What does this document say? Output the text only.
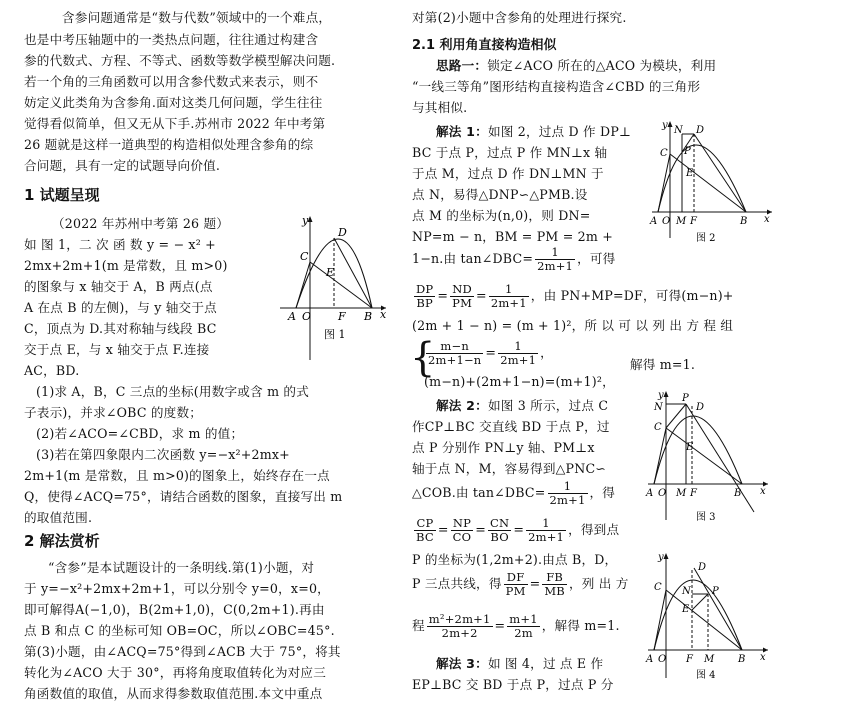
含参问题通常是“数与代数”领域中的一个难点，
也是中考压轴题中的一类热点问题，往往通过构建含
参的代数式、方程、不等式、函数等数学模型解决问题.
若一个角的三角函数可以用含参代数式来表示，则不
妨定义此类角为含参角.面对这类几何问题，学生往往
觉得看似简单，但又无从下手.苏州市 2022 年中考第
26 题就是这样一道典型的构造相似处理含参角的综
合问题，具有一定的试题导向价值.
1 试题呈现
（2022 年苏州中考第 26 题）
如 图 1，二 次 函 数 y = − x² +
2mx+2m+1(m 是常数，且 m>0)
的图象与 x 轴交于 A，B 两点(点
A 在点 B 的左侧)，与 y 轴交于点
C，顶点为 D.其对称轴与线段 BC
交于点 E，与 x 轴交于点 F.连接
AC，BD.
y
D
C
E
A O F B x
图 1
(1)求 A，B，C 三点的坐标(用数字或含 m 的式
子表示)，并求∠OBC 的度数；
(2)若∠ACO=∠CBD，求 m 的值；
(3)若在第四象限内二次函数 y=−x²+2mx+
2m+1(m 是常数，且 m>0)的图象上，始终存在一点
Q，使得∠ACQ=75°，请结合函数的图象，直接写出 m
的取值范围.
2 解法赏析
“含参”是本试题设计的一条明线.第(1)小题，对
于 y=−x²+2mx+2m+1，可以分别令 y=0，x=0，
即可解得A(−1,0)，B(2m+1,0)，C(0,2m+1).再由
点 B 和点 C 的坐标可知 OB=OC，所以∠OBC=45°.
第(3)小题，由∠ACQ=75°得到∠ACB 大于 75°，将其
转化为∠ACO 大于 30°，再将角度取值转化为对应三
角函数值的取值，从而求得参数取值范围.本文中重点
对第(2)小题中含参角的处理进行探究.
2.1 利用角直接构造相似
思路一：锁定∠ACO 所在的△ACO 为模块，利用
“一线三等角”图形结构直接构造含∠CBD 的三角形
与其相似.
解法 1：如图 2，过点 D 作 DP⊥
BC 于点 P，过点 P 作 MN⊥x 轴
于点 M，过点 D 作 DN⊥MN 于
点 N，易得△DNP∽△PMB.设
点 M 的坐标为(n,0)，则 DN=
NP=m − n，BM = PM = 2m +
1−n.由 tan∠DBC= $\frac{1}{2m+1}$ ，可得
y N D
C P
E
A O M F	B x
图 2
$\frac{DP}{BP} = \frac{ND}{PM} = \frac{1}{2m+1}$ ，由 PN+MP=DF，可得(m−n)+
(2m + 1 − n) = (m + 1)²，所 以 可 以 列 出 方 程 组
{
$\frac{m-n}{2m+1-n} = \frac{1}{2m+1}$ ，
(m−n)+(2m+1−n)=(m+1)²，
解得 m=1.
解法 2：如图 3 所示，过点 C
作CP⊥BC 交直线 BD 于点 P，过
点 P 分别作 PN⊥y 轴、PM⊥x
轴于点 N，M，容易得到△PNC∽
△COB.由 tan∠DBC= $\frac{1}{2m+1}$ ，得
$\frac{CP}{BC} = \frac{NP}{CO} = \frac{CN}{BO} = \frac{1}{2m+1}$ ，得到点
P 的坐标为(1,2m+2).由点 B，D，
P 三点共线，得 $\frac{DF}{PM} = \frac{FB}{MB}$ ，列 出 方
程 $\frac{\text{m²+2m+1}}{2m+2} = \frac{m+1}{2m}$ ，解得 m=1.
解法 3：如 图 4，过 点 E 作
EP⊥BC 交 BD 于点 P，过点 P 分
y P
N	D
C
E
A O M F	B x
图 3
y
D
C N P
E
A O F M B x
图 4
